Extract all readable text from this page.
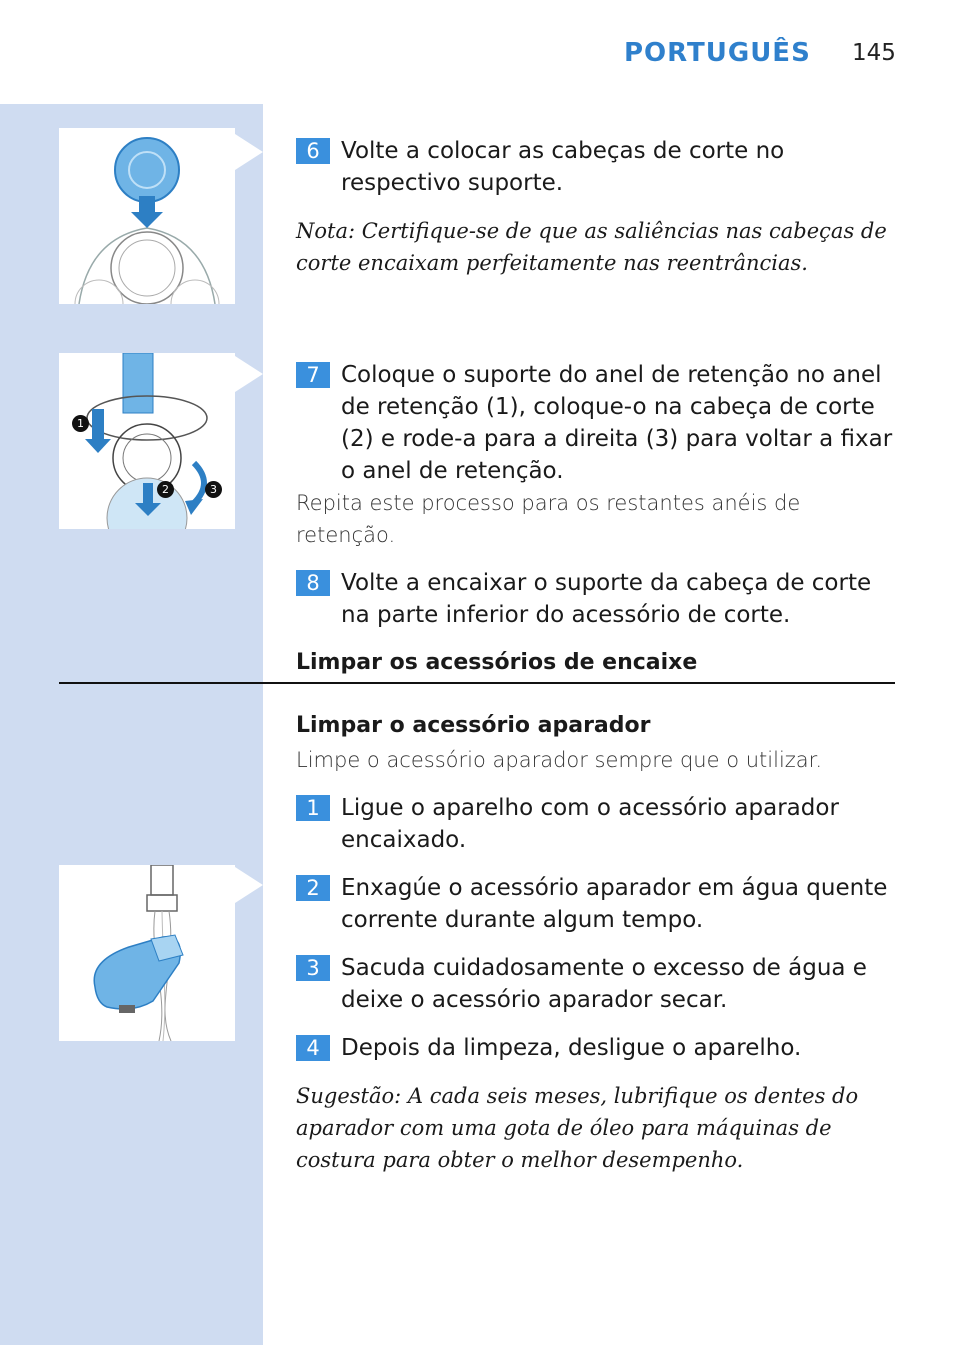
PORTUGUÊS 145
1
2	3
6 Volte a colocar as cabeças de corte no respectivo suporte.
Nota: Certifique-se de que as saliências nas cabeças de corte encaixam perfeitamente nas reentrâncias.
7 Coloque o suporte do anel de retenção no anel de retenção (1), coloque-o na cabeça de corte (2) e rode-a para a direita (3) para voltar a fixar o anel de retenção.
Repita este processo para os restantes anéis de retenção.
8 Volte a encaixar o suporte da cabeça de corte na parte inferior do acessório de corte.
Limpar os acessórios de encaixe
Limpar o acessório aparador
Limpe o acessório aparador sempre que o utilizar.
1 Ligue o aparelho com o acessório aparador encaixado.
2 Enxagúe o acessório aparador em água quente corrente durante algum tempo.
3 Sacuda cuidadosamente o excesso de água e deixe o acessório aparador secar.
4 Depois da limpeza, desligue o aparelho.
Sugestão: A cada seis meses, lubrifique os dentes do aparador com uma gota de óleo para máquinas de costura para obter o melhor desempenho.
